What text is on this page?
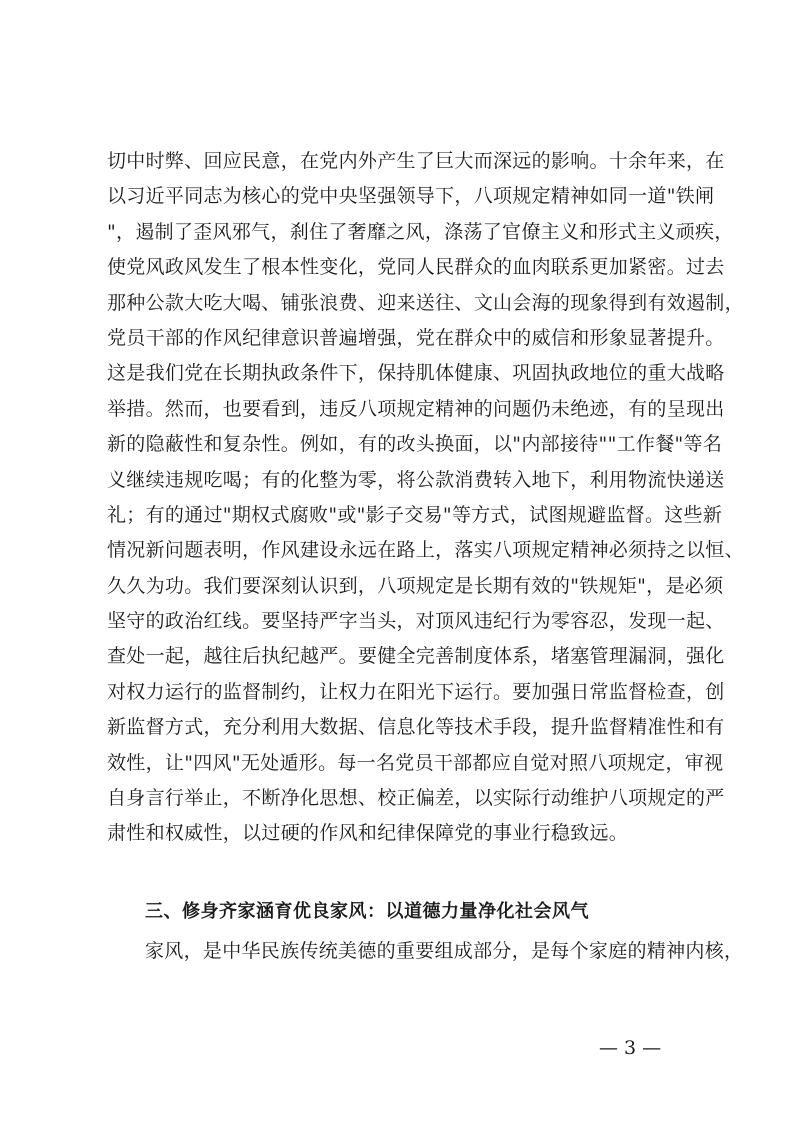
切中时弊、回应民意，在党内外产生了巨大而深远的影响。十余年来，在
以习近平同志为核心的党中央坚强领导下，八项规定精神如同一道"铁闸
"，遏制了歪风邪气，刹住了奢靡之风，涤荡了官僚主义和形式主义顽疾，
使党风政风发生了根本性变化，党同人民群众的血肉联系更加紧密。过去
那种公款大吃大喝、铺张浪费、迎来送往、文山会海的现象得到有效遏制，
党员干部的作风纪律意识普遍增强，党在群众中的威信和形象显著提升。
这是我们党在长期执政条件下，保持肌体健康、巩固执政地位的重大战略
举措。然而，也要看到，违反八项规定精神的问题仍未绝迹，有的呈现出
新的隐蔽性和复杂性。例如，有的改头换面，以"内部接待""工作餐"等名
义继续违规吃喝；有的化整为零，将公款消费转入地下，利用物流快递送
礼；有的通过"期权式腐败"或"影子交易"等方式，试图规避监督。这些新
情况新问题表明，作风建设永远在路上，落实八项规定精神必须持之以恒、
久久为功。我们要深刻认识到，八项规定是长期有效的"铁规矩"，是必须
坚守的政治红线。要坚持严字当头，对顶风违纪行为零容忍，发现一起、
查处一起，越往后执纪越严。要健全完善制度体系，堵塞管理漏洞，强化
对权力运行的监督制约，让权力在阳光下运行。要加强日常监督检查，创
新监督方式，充分利用大数据、信息化等技术手段，提升监督精准性和有
效性，让"四风"无处遁形。每一名党员干部都应自觉对照八项规定，审视
自身言行举止，不断净化思想、校正偏差，以实际行动维护八项规定的严
肃性和权威性，以过硬的作风和纪律保障党的事业行稳致远。
三、修身齐家涵育优良家风：以道德力量净化社会风气
家风，是中华民族传统美德的重要组成部分，是每个家庭的精神内核，
— 3 —
